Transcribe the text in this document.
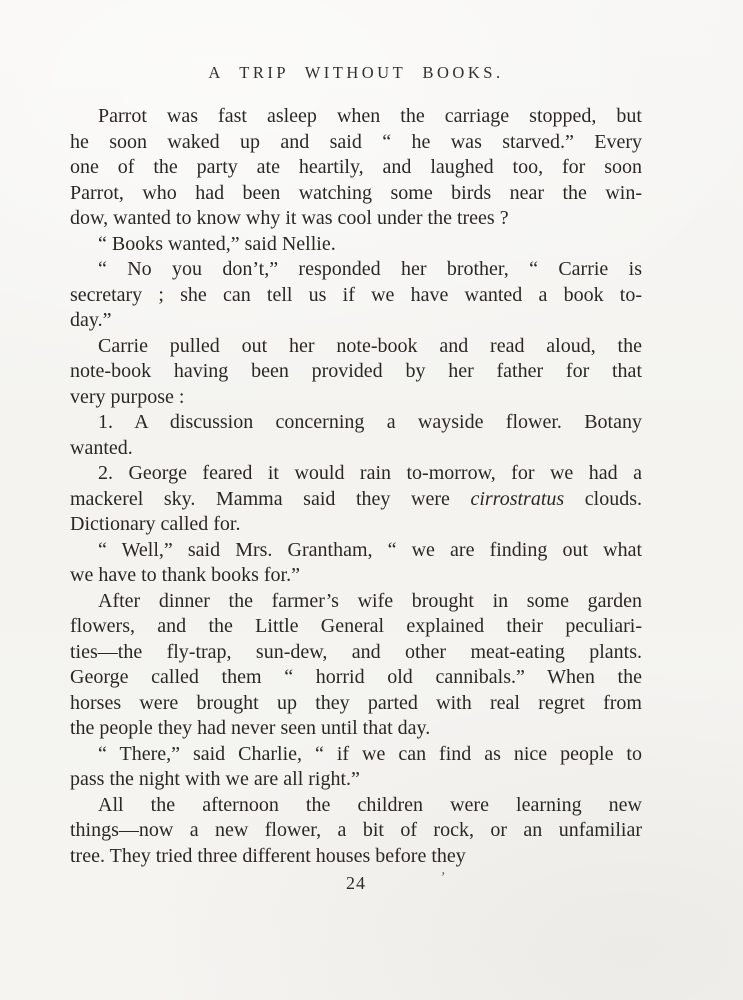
A TRIP WITHOUT BOOKS.
Parrot was fast asleep when the carriage stopped, but
he soon waked up and said “ he was starved.” Every
one of the party ate heartily, and laughed too, for soon
Parrot, who had been watching some birds near the win-
dow, wanted to know why it was cool under the trees ?
“ Books wanted,” said Nellie.
“ No you don’t,” responded her brother, “ Carrie is
secretary ; she can tell us if we have wanted a book to-
day.”
Carrie pulled out her note-book and read aloud, the
note-book having been provided by her father for that
very purpose :
1. A discussion concerning a wayside flower. Botany
wanted.
2. George feared it would rain to-morrow, for we had a
mackerel sky. Mamma said they were cirrostratus clouds.
Dictionary called for.
“ Well,” said Mrs. Grantham, “ we are finding out what
we have to thank books for.”
After dinner the farmer’s wife brought in some garden
flowers, and the Little General explained their peculiari-
ties—the fly-trap, sun-dew, and other meat-eating plants.
George called them “ horrid old cannibals.” When the
horses were brought up they parted with real regret from
the people they had never seen until that day.
“ There,” said Charlie, “ if we can find as nice people to
pass the night with we are all right.”
All the afternoon the children were learning new
things—now a new flower, a bit of rock, or an unfamiliar
tree. They tried three different houses before they
24	’
